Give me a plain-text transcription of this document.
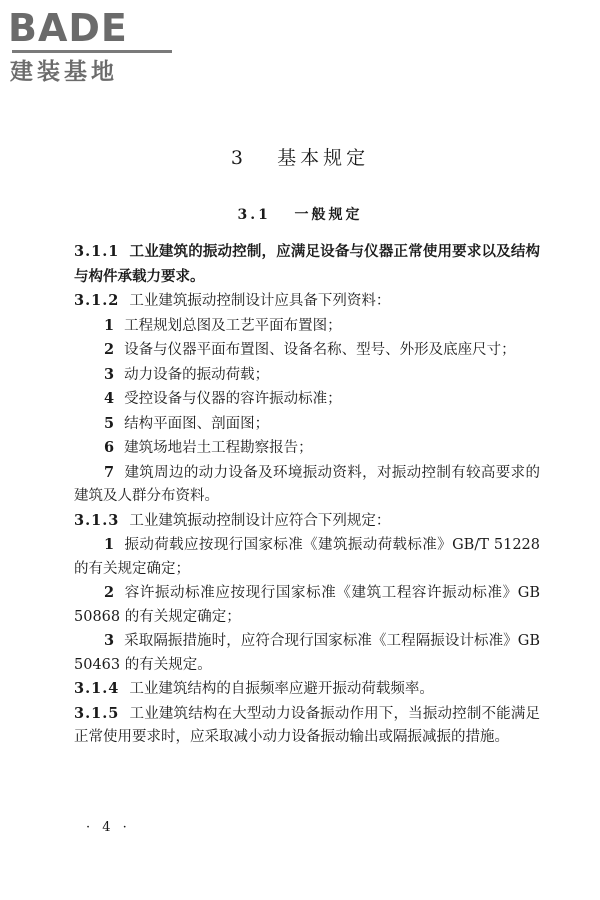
BADE
建装基地
3 基本规定
3.1 一般规定

3.1.1 工业建筑的振动控制，应满足设备与仪器正常使用要求以及结构与构件承载力要求。

3.1.2 工业建筑振动控制设计应具备下列资料：

1 工程规划总图及工艺平面布置图；

2 设备与仪器平面布置图、设备名称、型号、外形及底座尺寸；

3 动力设备的振动荷载；

4 受控设备与仪器的容许振动标准；

5 结构平面图、剖面图；

6 建筑场地岩土工程勘察报告；

7 建筑周边的动力设备及环境振动资料，对振动控制有较高要求的建筑及人群分布资料。

3.1.3 工业建筑振动控制设计应符合下列规定：

1 振动荷载应按现行国家标准《建筑振动荷载标准》GB/T 51228 的有关规定确定；

2 容许振动标准应按现行国家标准《建筑工程容许振动标准》GB 50868 的有关规定确定；

3 采取隔振措施时，应符合现行国家标准《工程隔振设计标准》GB 50463 的有关规定。

3.1.4 工业建筑结构的自振频率应避开振动荷载频率。

3.1.5 工业建筑结构在大型动力设备振动作用下，当振动控制不能满足正常使用要求时，应采取减小动力设备振动输出或隔振减振的措施。

· 4 ·
